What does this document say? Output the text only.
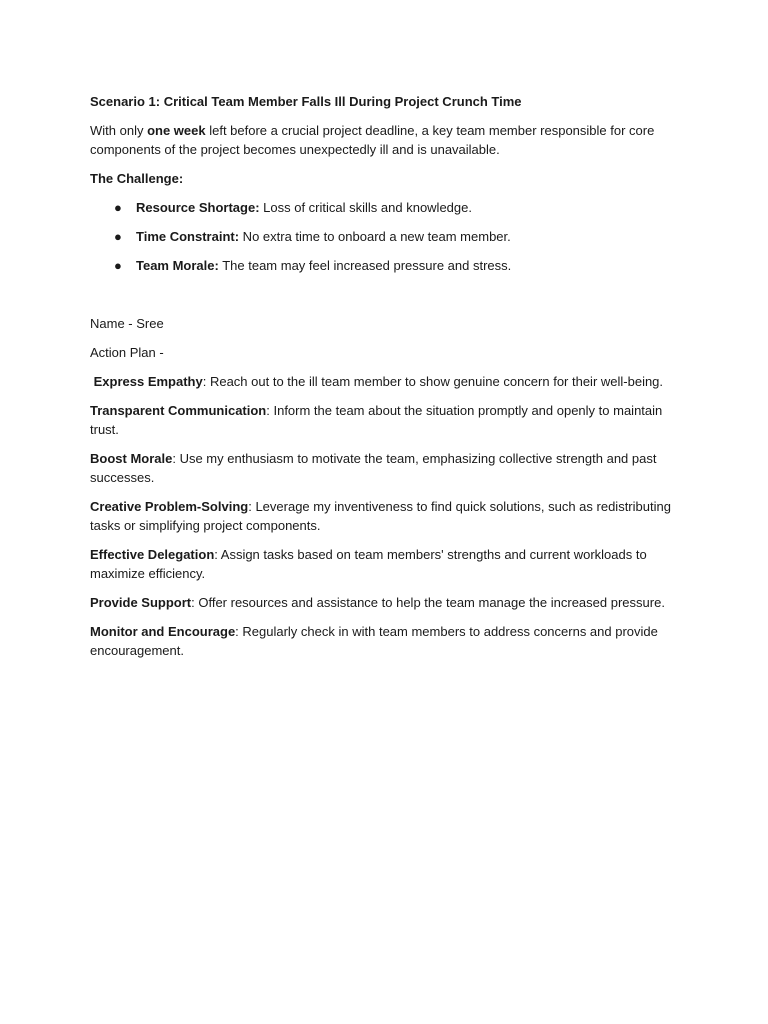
Scenario 1: Critical Team Member Falls Ill During Project Crunch Time
With only one week left before a crucial project deadline, a key team member responsible for core components of the project becomes unexpectedly ill and is unavailable.
The Challenge:
● Resource Shortage: Loss of critical skills and knowledge.
● Time Constraint: No extra time to onboard a new team member.
● Team Morale: The team may feel increased pressure and stress.
Name - Sree
Action Plan -
Express Empathy: Reach out to the ill team member to show genuine concern for their well-being.
Transparent Communication: Inform the team about the situation promptly and openly to maintain trust.
Boost Morale: Use my enthusiasm to motivate the team, emphasizing collective strength and past successes.
Creative Problem-Solving: Leverage my inventiveness to find quick solutions, such as redistributing tasks or simplifying project components.
Effective Delegation: Assign tasks based on team members' strengths and current workloads to maximize efficiency.
Provide Support: Offer resources and assistance to help the team manage the increased pressure.
Monitor and Encourage: Regularly check in with team members to address concerns and provide encouragement.
